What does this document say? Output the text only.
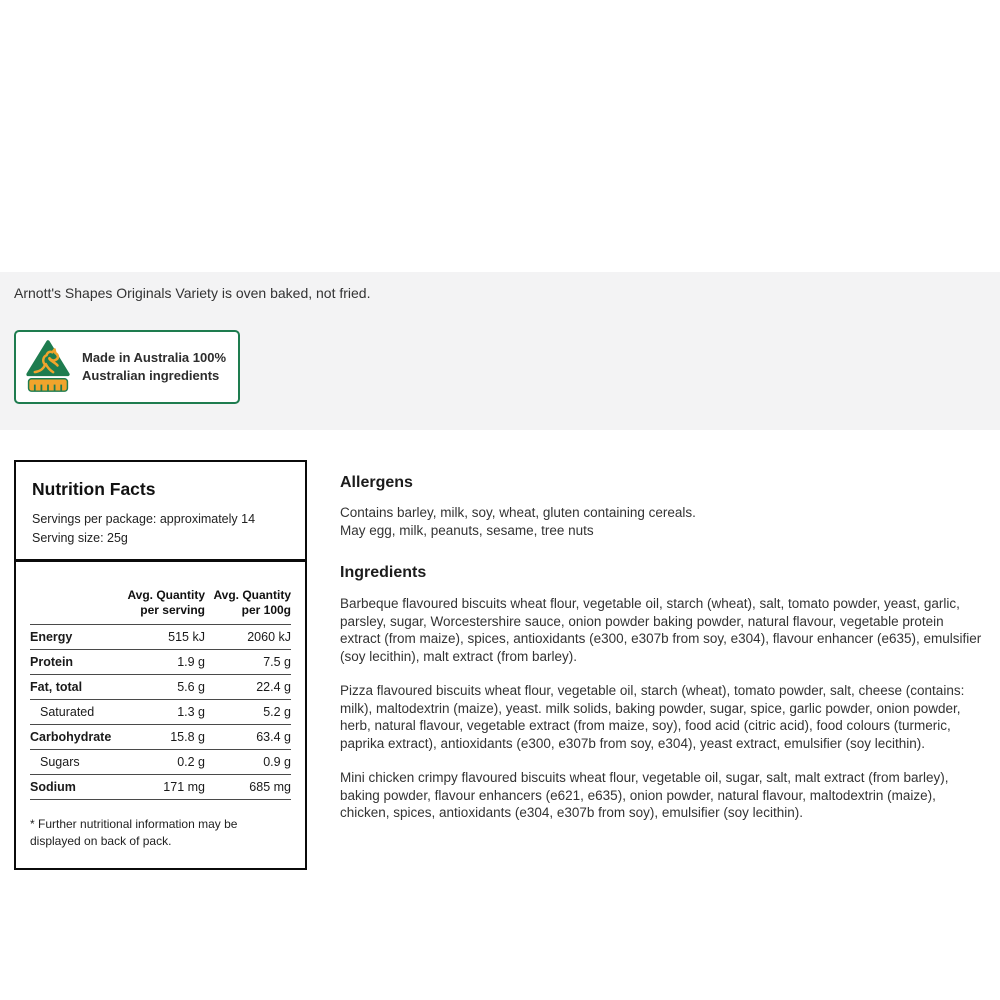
Arnott's Shapes Originals Variety is oven baked, not fried.

Made in Australia 100%
Australian ingredients
Nutrition Facts

Servings per package: approximately 14

Serving size: 25g

Avg. Quantity per serving
Avg. Quantity per 100g
Energy	515 kJ	2060 kJ
Protein	1.9 g	7.5 g
Fat, total	5.6 g	22.4 g
Saturated	1.3 g	5.2 g
Carbohydrate	15.8 g	63.4 g
Sugars	0.2 g	0.9 g
Sodium	171 mg	685 mg

* Further nutritional information may be displayed on back of pack.

Allergens

Contains barley, milk, soy, wheat, gluten containing cereals.

May egg, milk, peanuts, sesame, tree nuts

Ingredients

Barbeque flavoured biscuits wheat flour, vegetable oil, starch (wheat), salt, tomato powder, yeast, garlic, parsley, sugar, Worcestershire sauce, onion powder baking powder, natural flavour, vegetable protein extract (from maize), spices, antioxidants (e300, e307b from soy, e304), flavour enhancer (e635), emulsifier (soy lecithin), malt extract (from barley).

Pizza flavoured biscuits wheat flour, vegetable oil, starch (wheat), tomato powder, salt, cheese (contains: milk), maltodextrin (maize), yeast. milk solids, baking powder, sugar, spice, garlic powder, onion powder, herb, natural flavour, vegetable extract (from maize, soy), food acid (citric acid), food colours (turmeric, paprika extract), antioxidants (e300, e307b from soy, e304), yeast extract, emulsifier (soy lecithin).

Mini chicken crimpy flavoured biscuits wheat flour, vegetable oil, sugar, salt, malt extract (from barley), baking powder, flavour enhancers (e621, e635), onion powder, natural flavour, maltodextrin (maize), chicken, spices, antioxidants (e304, e307b from soy), emulsifier (soy lecithin).
